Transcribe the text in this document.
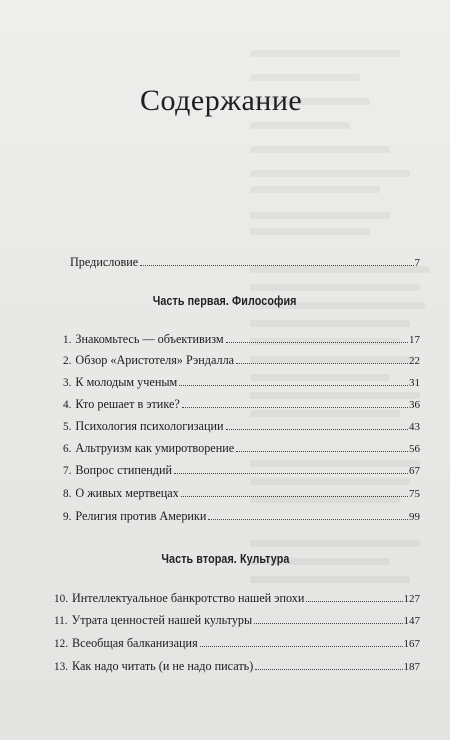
Содержание
Предисловие	7
Часть первая. Философия
1. Знакомьтесь — объективизм	17
2. Обзор «Аристотеля» Рэндалла	22
3. К молодым ученым	31
4. Кто решает в этике?	36
5. Психология психологизации	43
6. Альтруизм как умиротворение	56
7. Вопрос стипендий	67
8. О живых мертвецах	75
9. Религия против Америки	99
Часть вторая. Культура
10. Интеллектуальное банкротство нашей эпохи	127
11. Утрата ценностей нашей культуры	147
12. Всеобщая балканизация	167
13. Как надо читать (и не надо писать)	187
